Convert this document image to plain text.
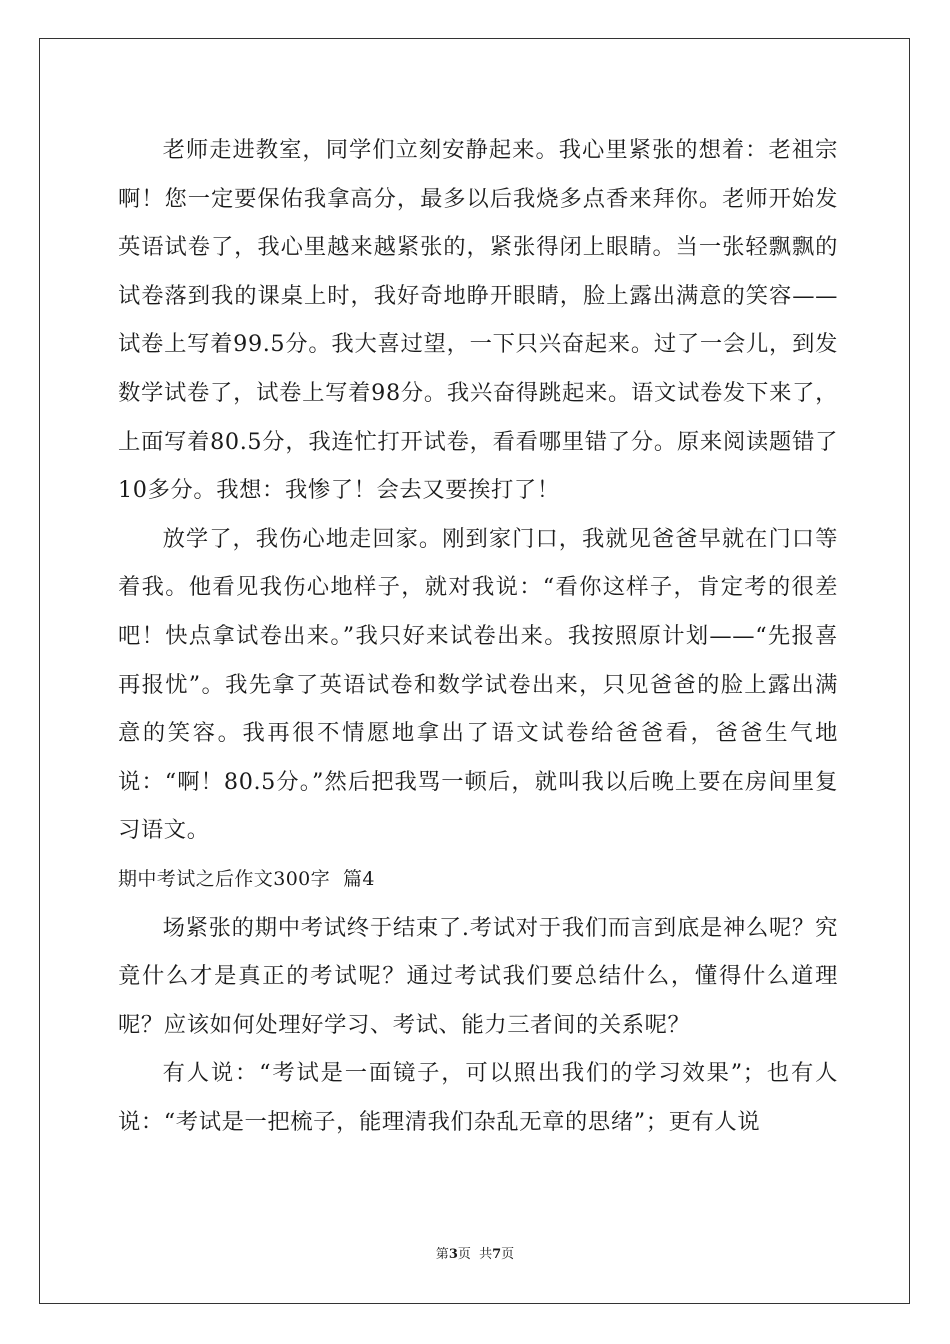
老师走进教室，同学们立刻安静起来。我心里紧张的想着：老祖宗啊！您一定要保佑我拿高分，最多以后我烧多点香来拜你。老师开始发英语试卷了，我心里越来越紧张的，紧张得闭上眼睛。当一张轻飘飘的试卷落到我的课桌上时，我好奇地睁开眼睛，脸上露出满意的笑容——试卷上写着99.5分。我大喜过望，一下只兴奋起来。过了一会儿，到发数学试卷了，试卷上写着98分。我兴奋得跳起来。语文试卷发下来了，上面写着80.5分，我连忙打开试卷，看看哪里错了分。原来阅读题错了10多分。我想：我惨了！会去又要挨打了！

放学了，我伤心地走回家。刚到家门口，我就见爸爸早就在门口等着我。他看见我伤心地样子，就对我说：“看你这样子，肯定考的很差吧！快点拿试卷出来。”我只好来试卷出来。我按照原计划——“先报喜再报忧”。我先拿了英语试卷和数学试卷出来，只见爸爸的脸上露出满意的笑容。我再很不情愿地拿出了语文试卷给爸爸看，爸爸生气地说：“啊！80.5分。”然后把我骂一顿后，就叫我以后晚上要在房间里复习语文。

期中考试之后作文300字  篇4

场紧张的期中考试终于结束了.考试对于我们而言到底是神么呢？究竟什么才是真正的考试呢？通过考试我们要总结什么，懂得什么道理呢？应该如何处理好学习、考试、能力三者间的关系呢？

有人说：“考试是一面镜子，可以照出我们的学习效果”；也有人说：“考试是一把梳子，能理清我们杂乱无章的思绪”；更有人说

第3页  共7页
